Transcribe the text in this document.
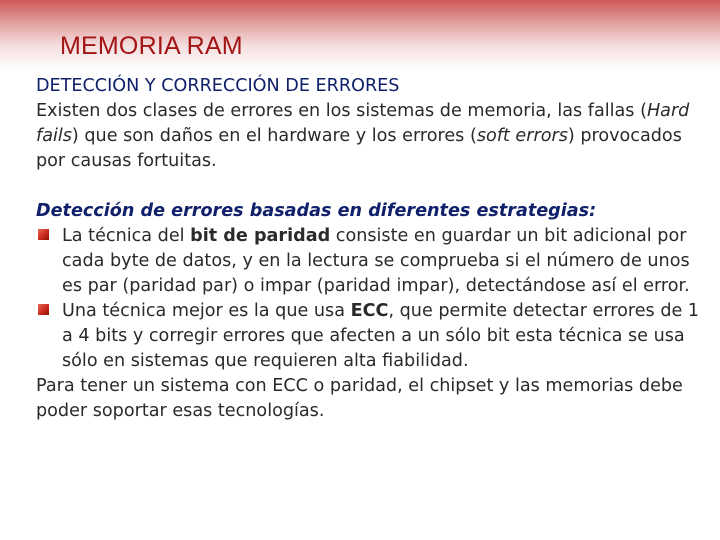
MEMORIA RAM

DETECCIÓN Y CORRECCIÓN DE ERRORES

Existen dos clases de errores en los sistemas de memoria, las fallas (Hard fails) que son daños en el hardware y los errores (soft errors) provocados por causas fortuitas.

Detección de errores basadas en diferentes estrategias:

La técnica del bit de paridad consiste en guardar un bit adicional por cada byte de datos, y en la lectura se comprueba si el número de unos es par (paridad par) o impar (paridad impar), detectándose así el error.
Una técnica mejor es la que usa ECC, que permite detectar errores de 1 a 4 bits y corregir errores que afecten a un sólo bit esta técnica se usa sólo en sistemas que requieren alta fiabilidad.

Para tener un sistema con ECC o paridad, el chipset y las memorias debe poder soportar esas tecnologías.
